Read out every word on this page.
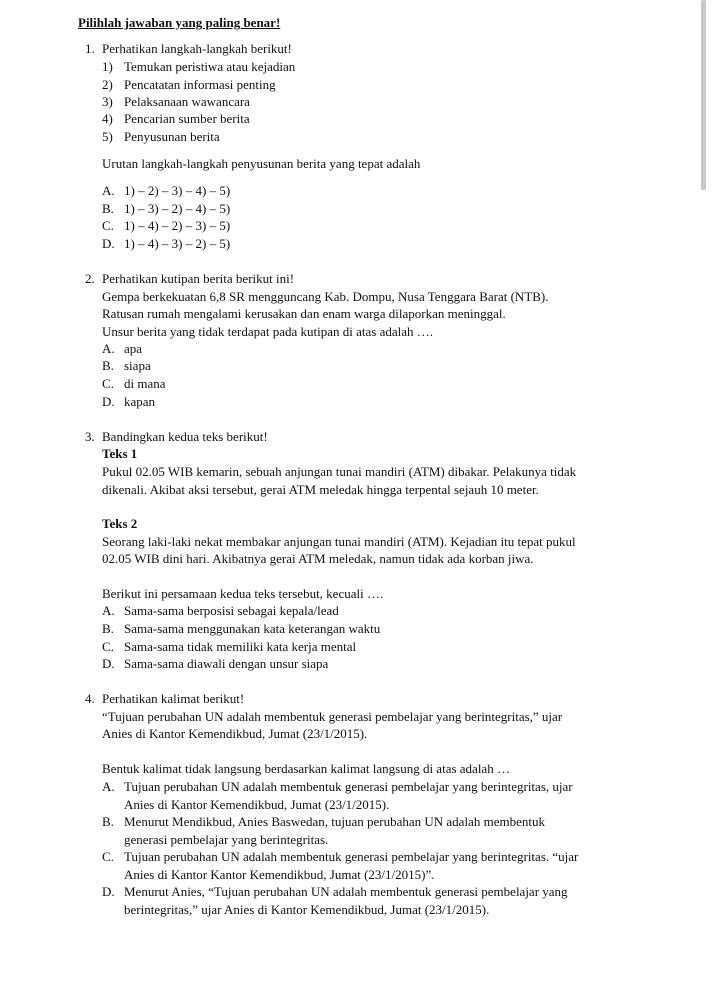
Pilihlah jawaban yang paling benar!
1. Perhatikan langkah-langkah berikut!
1) Temukan peristiwa atau kejadian
2) Pencatatan informasi penting
3) Pelaksanaan wawancara
4) Pencarian sumber berita
5) Penyusunan berita
Urutan langkah-langkah penyusunan berita yang tepat adalah
A. 1) – 2) – 3) – 4) – 5)
B. 1) – 3) – 2) – 4) – 5)
C. 1) – 4) – 2) – 3) – 5)
D. 1) – 4) – 3) – 2) – 5)
2. Perhatikan kutipan berita berikut ini!
Gempa berkekuatan 6,8 SR mengguncang Kab. Dompu, Nusa Tenggara Barat (NTB).
Ratusan rumah mengalami kerusakan dan enam warga dilaporkan meninggal.
Unsur berita yang tidak terdapat pada kutipan di atas adalah ….
A. apa
B. siapa
C. di mana
D. kapan
3. Bandingkan kedua teks berikut!
Teks 1
Pukul 02.05 WIB kemarin, sebuah anjungan tunai mandiri (ATM) dibakar. Pelakunya tidak
dikenali. Akibat aksi tersebut, gerai ATM meledak hingga terpental sejauh 10 meter.
Teks 2
Seorang laki-laki nekat membakar anjungan tunai mandiri (ATM). Kejadian itu tepat pukul
02.05 WIB dini hari. Akibatnya gerai ATM meledak, namun tidak ada korban jiwa.
Berikut ini persamaan kedua teks tersebut, kecuali ….
A. Sama-sama berposisi sebagai kepala/lead
B. Sama-sama menggunakan kata keterangan waktu
C. Sama-sama tidak memiliki kata kerja mental
D. Sama-sama diawali dengan unsur siapa
4. Perhatikan kalimat berikut!
“Tujuan perubahan UN adalah membentuk generasi pembelajar yang berintegritas,” ujar
Anies di Kantor Kemendikbud, Jumat (23/1/2015).
Bentuk kalimat tidak langsung berdasarkan kalimat langsung di atas adalah …
A. Tujuan perubahan UN adalah membentuk generasi pembelajar yang berintegritas, ujar
Anies di Kantor Kemendikbud, Jumat (23/1/2015).
B. Menurut Mendikbud, Anies Baswedan, tujuan perubahan UN adalah membentuk
generasi pembelajar yang berintegritas.
C. Tujuan perubahan UN adalah membentuk generasi pembelajar yang berintegritas. “ujar
Anies di Kantor Kantor Kemendikbud, Jumat (23/1/2015)”.
D. Menurut Anies, “Tujuan perubahan UN adalah membentuk generasi pembelajar yang
berintegritas,” ujar Anies di Kantor Kemendikbud, Jumat (23/1/2015).
